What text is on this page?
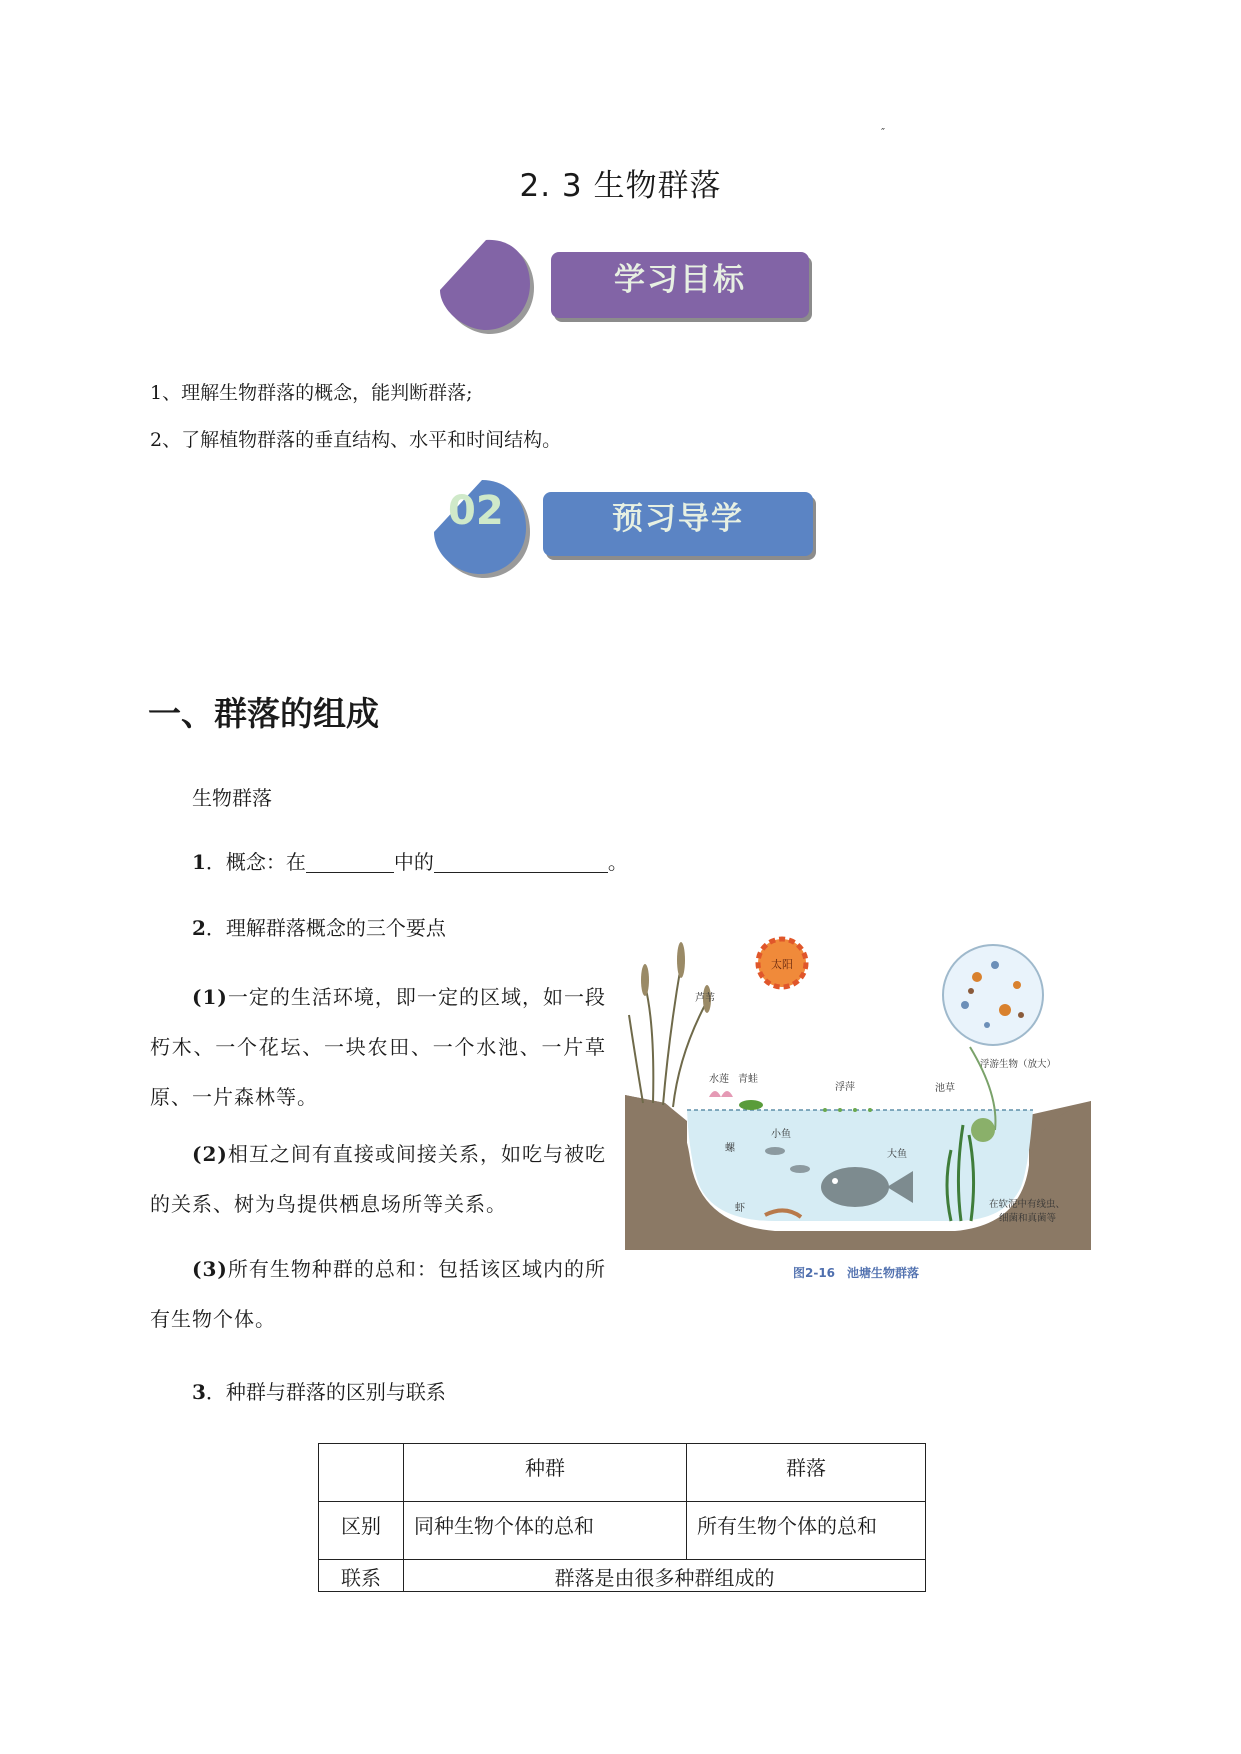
″
2. 3 生物群落
学习目标
1、理解生物群落的概念，能判断群落;
2、了解植物群落的垂直结构、水平和时间结构。
02	预习导学
一、群落的组成
生物群落
1．概念：在	中的	。
2．理解群落概念的三个要点
(1)一定的生活环境，即一定的区域，如一段朽木、一个花坛、一块农田、一个水池、一片草原、一片森林等。
(2)相互之间有直接或间接关系，如吃与被吃的关系、树为鸟提供栖息场所等关系。
(3)所有生物种群的总和：包括该区域内的所有生物个体。
3．种群与群落的区别与联系
太阳
芦苇
水莲 青蛙
浮萍	池草
浮游生物（放大）
小鱼
大鱼
螺
虾	在软泥中有线虫、
细菌和真菌等
图2-16　池塘生物群落
	种群	群落
区别	同种生物个体的总和	所有生物个体的总和
联系	群落是由很多种群组成的	
